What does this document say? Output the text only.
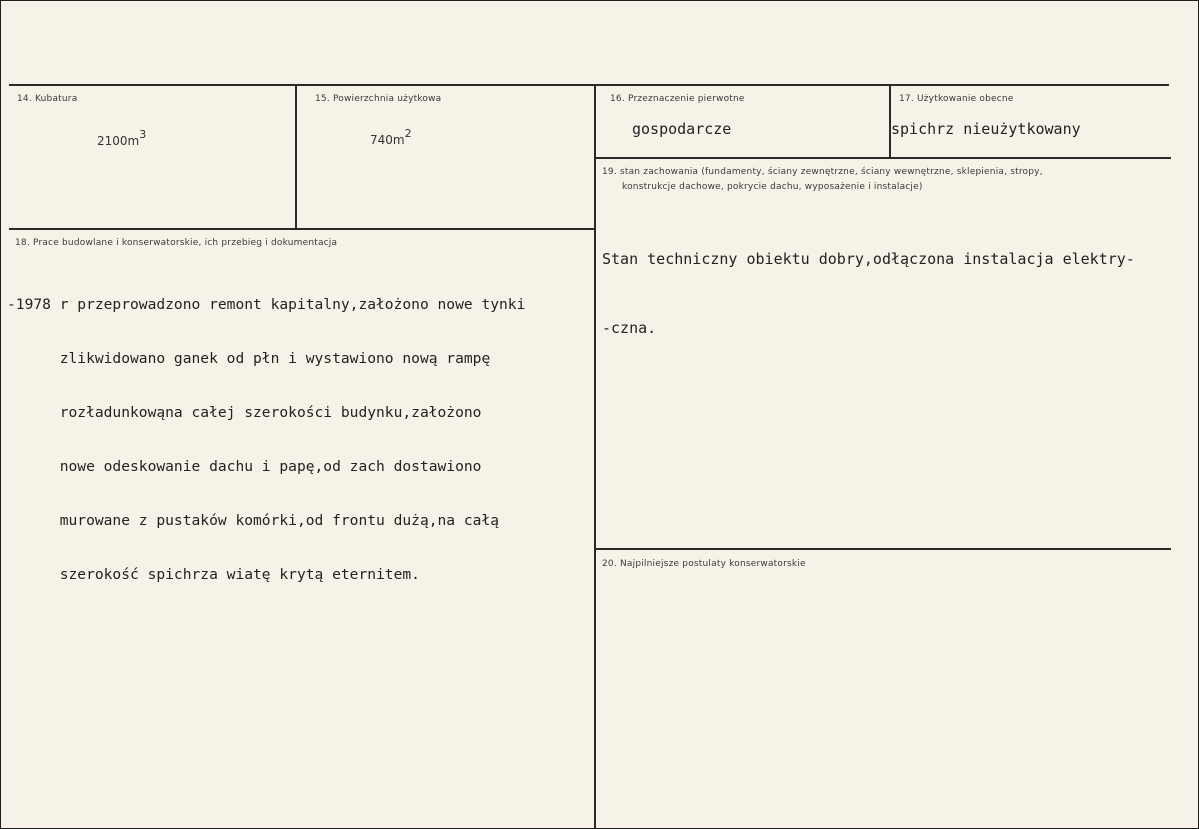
14. Kubatura
$2100m^3$
15. Powierzchnia użytkowa
$740m^2$
16. Przeznaczenie pierwotne
gospodarcze
17. Użytkowanie obecne
spichrz nieużytkowany
18. Prace budowlane i konserwatorskie, ich przebieg i dokumentacja

-1978 r przeprowadzono remont kapitalny,założono nowe tynki

zlikwidowano ganek od płn i wystawiono nową rampę

rozładunkowąna całej szerokości budynku,założono

nowe odeskowanie dachu i papę,od zach dostawiono

murowane z pustaków komórki,od frontu dużą,na całą

szerokość spichrza wiatę krytą eternitem.

19. stan zachowania (fundamenty, ściany zewnętrzne, ściany wewnętrzne, sklepienia, stropy,
konstrukcje dachowe, pokrycie dachu, wyposażenie i instalacje)

Stan techniczny obiektu dobry,odłączona instalacja elektry-

-czna.

20. Najpilniejsze postulaty konserwatorskie
